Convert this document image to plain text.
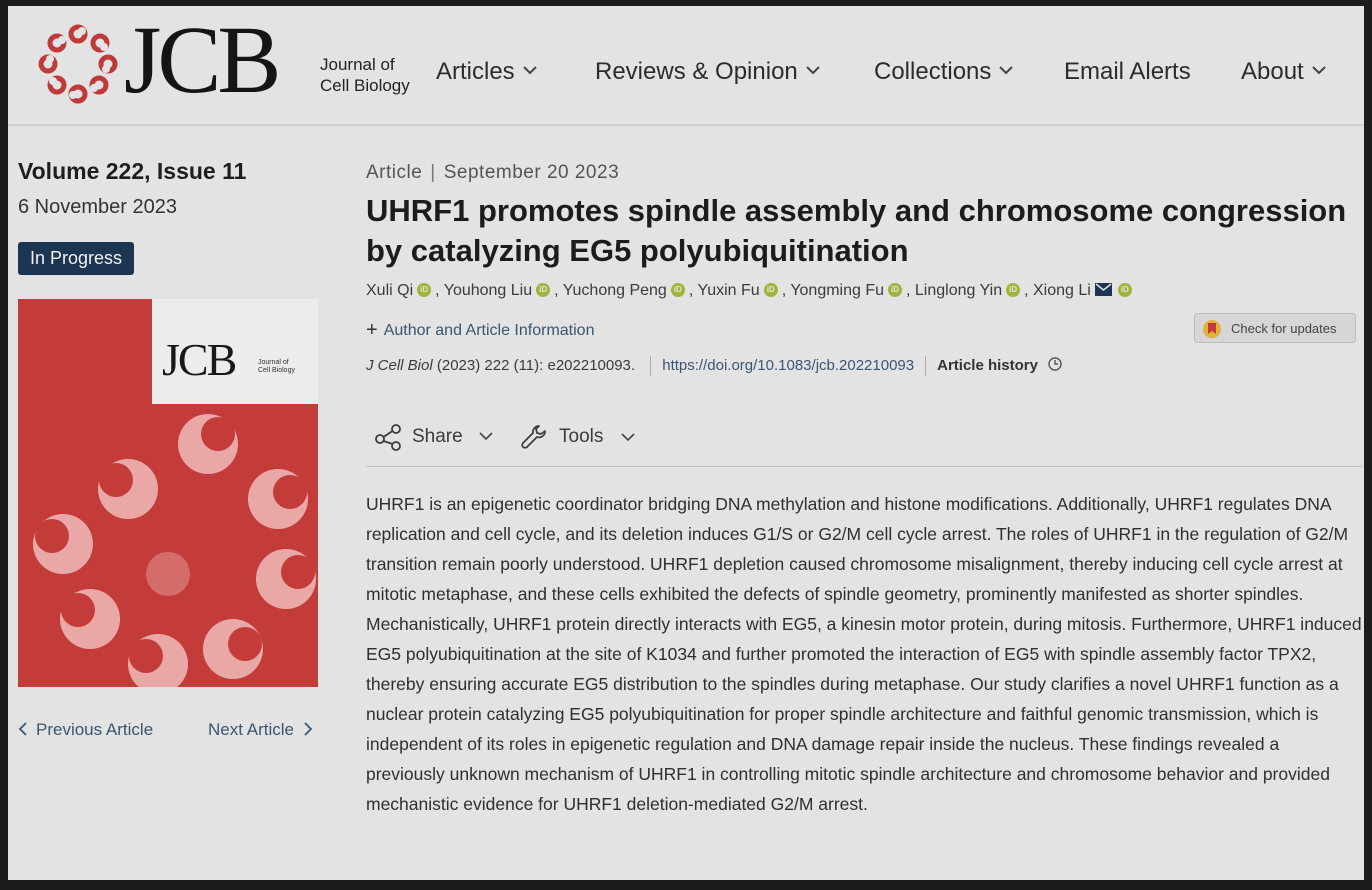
JCB	Journal of
Cell Biology
Articles	Reviews & Opinion	Collections	Email Alerts About
Volume 222, Issue 11
6 November 2023
In Progress
JCB	Journal of
Cell Biology
Previous Article	Next Article
Article | September 20 2023
UHRF1 promotes spindle assembly and chromosome congression by catalyzing EG5 polyubiquitination
Xuli Qi iD , Youhong Liu iD , Yuchong Peng iD , Yuxin Fu iD , Yongming Fu iD , Linglong Yin iD , Xiong Li	iD
+ Author and Article Information	Check for updates
J Cell Biol (2023) 222 (11): e202210093. https://doi.org/10.1083/jcb.202210093 Article history
Share	Tools

UHRF1 is an epigenetic coordinator bridging DNA methylation and histone modifications. Additionally, UHRF1 regulates DNA replication and cell cycle, and its deletion induces G1/S or G2/M cell cycle arrest. The roles of UHRF1 in the regulation of G2/M transition remain poorly understood. UHRF1 depletion caused chromosome misalignment, thereby inducing cell cycle arrest at mitotic metaphase, and these cells exhibited the defects of spindle geometry, prominently manifested as shorter spindles. Mechanistically, UHRF1 protein directly interacts with EG5, a kinesin motor protein, during mitosis. Furthermore, UHRF1 induced EG5 polyubiquitination at the site of K1034 and further promoted the interaction of EG5 with spindle assembly factor TPX2, thereby ensuring accurate EG5 distribution to the spindles during metaphase. Our study clarifies a novel UHRF1 function as a nuclear protein catalyzing EG5 polyubiquitination for proper spindle architecture and faithful genomic transmission, which is independent of its roles in epigenetic regulation and DNA damage repair inside the nucleus. These findings revealed a previously unknown mechanism of UHRF1 in controlling mitotic spindle architecture and chromosome behavior and provided mechanistic evidence for UHRF1 deletion-mediated G2/M arrest.
